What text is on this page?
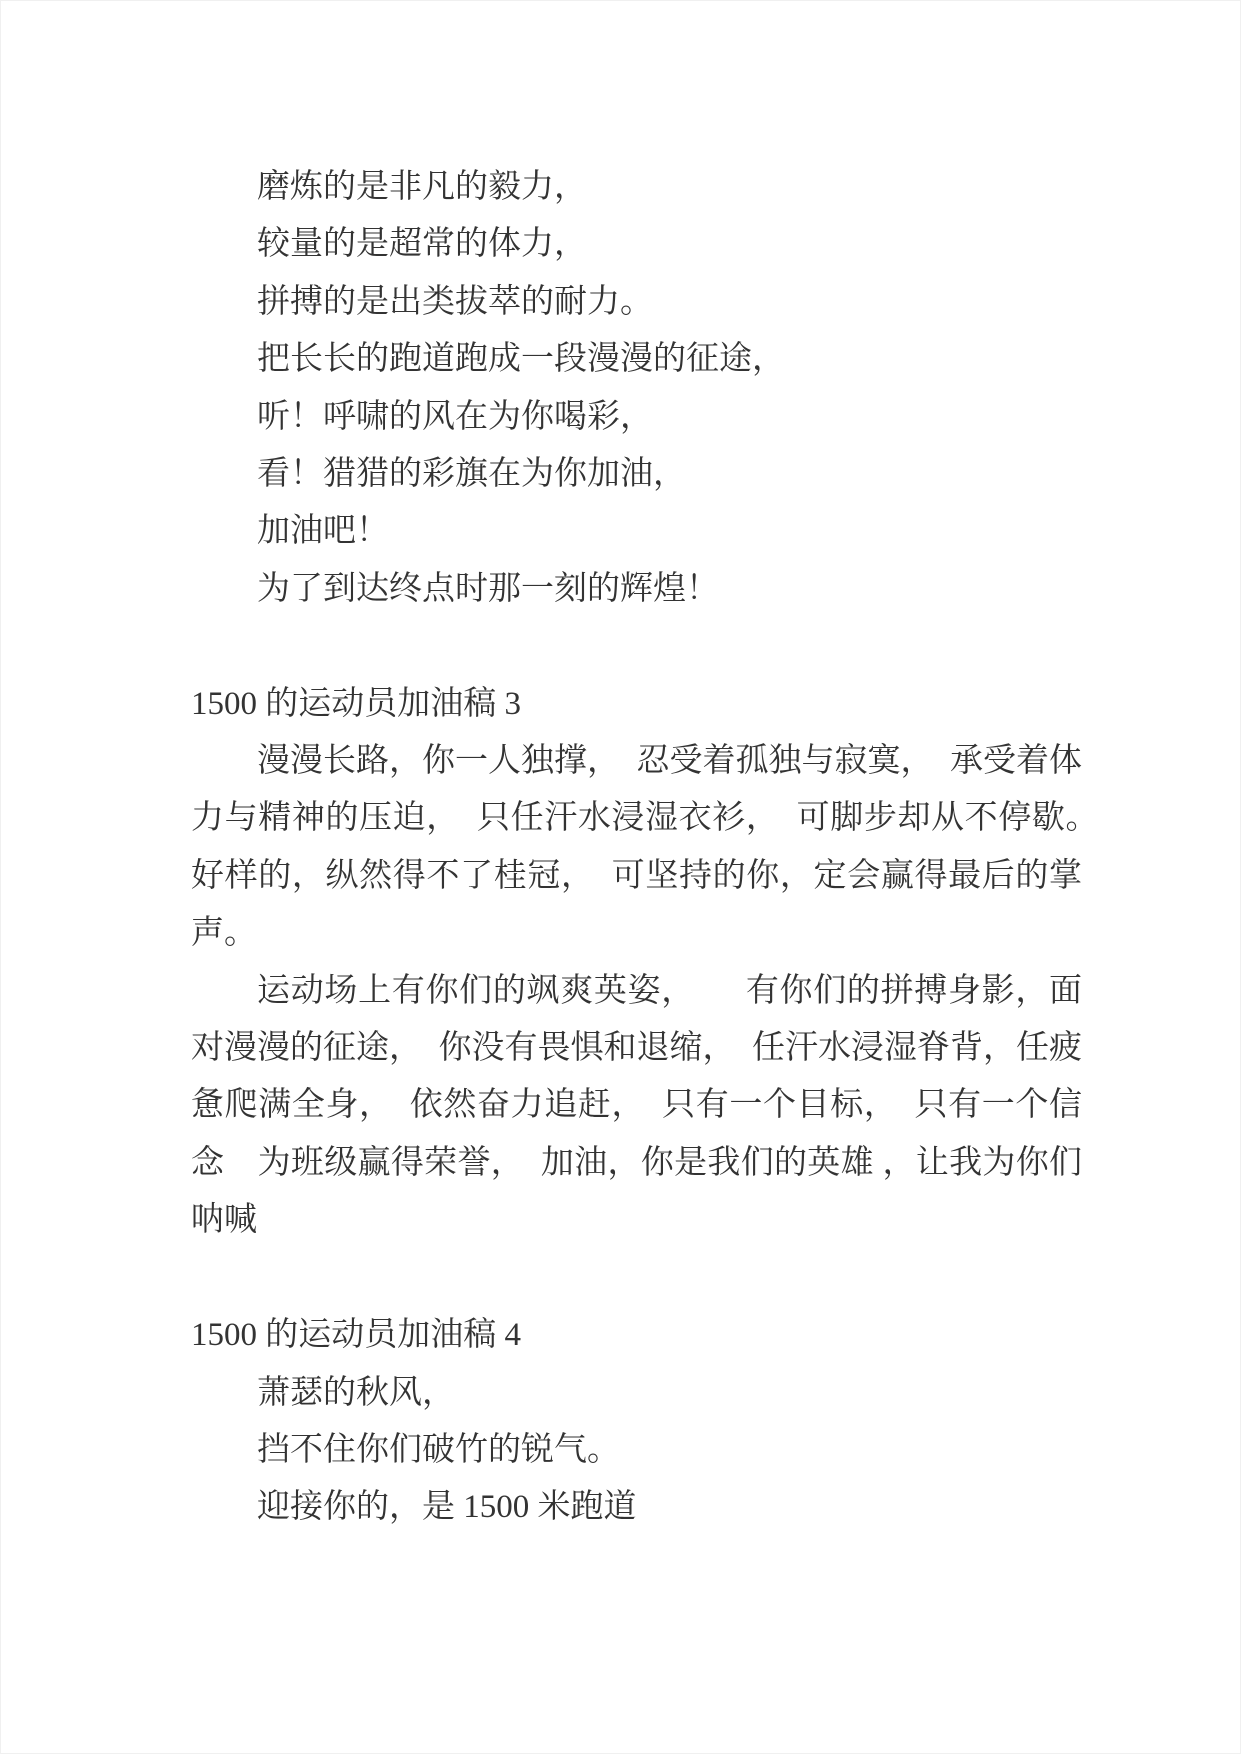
磨炼的是非凡的毅力，
较量的是超常的体力，
拼搏的是出类拔萃的耐力。
把长长的跑道跑成一段漫漫的征途，
听！呼啸的风在为你喝彩，
看！猎猎的彩旗在为你加油，
加油吧！
为了到达终点时那一刻的辉煌！
1500 的运动员加油稿 3
漫漫长路，你一人独撑，　忍受着孤独与寂寞，　承受着体力与精神的压迫，　只任汗水浸湿衣衫，　可脚步却从不停歇。　好样的，纵然得不了桂冠，　可坚持的你，定会赢得最后的掌声。
运动场上有你们的飒爽英姿，　　有你们的拼搏身影，面对漫漫的征途，　你没有畏惧和退缩，　任汗水浸湿脊背，任疲惫爬满全身，　依然奋力追赶，　只有一个目标，　只有一个信念　为班级赢得荣誉，　加油，你是我们的英雄 ，让我为你们呐喊
1500 的运动员加油稿 4
萧瑟的秋风，
挡不住你们破竹的锐气。
迎接你的，是 1500 米跑道
